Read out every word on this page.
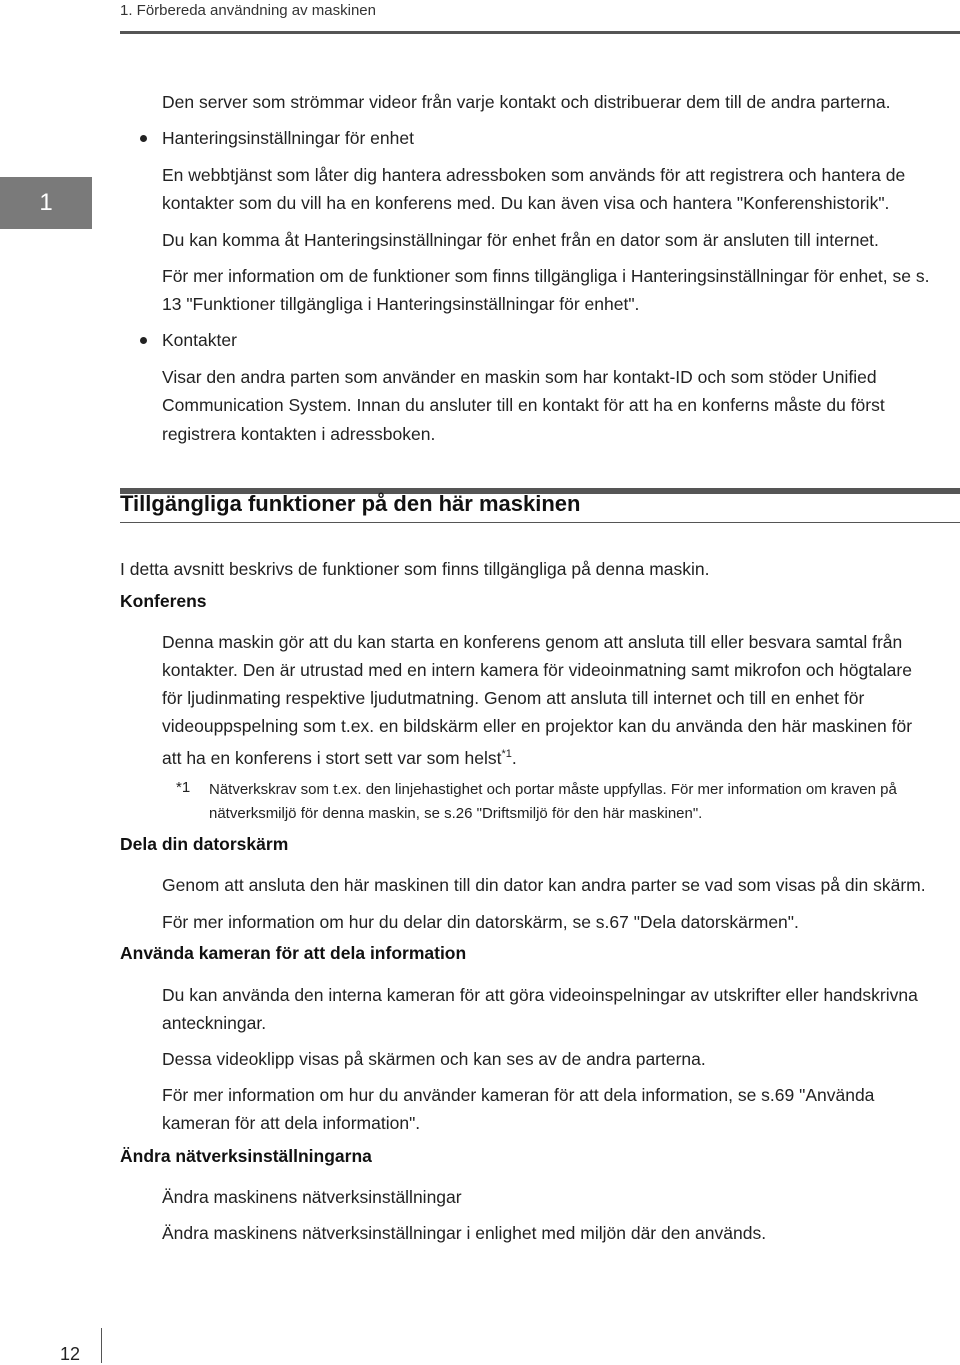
1. Förbereda användning av maskinen
1
Den server som strömmar videor från varje kontakt och distribuerar dem till de andra parterna.
Hanteringsinställningar för enhet
En webbtjänst som låter dig hantera adressboken som används för att registrera och hantera de
kontakter som du vill ha en konferens med. Du kan även visa och hantera "Konferenshistorik".
Du kan komma åt Hanteringsinställningar för enhet från en dator som är ansluten till internet.
För mer information om de funktioner som finns tillgängliga i Hanteringsinställningar för enhet, se s.
13 "Funktioner tillgängliga i Hanteringsinställningar för enhet".
Kontakter
Visar den andra parten som använder en maskin som har kontakt-ID och som stöder Unified
Communication System. Innan du ansluter till en kontakt för att ha en konferns måste du först
registrera kontakten i adressboken.
Tillgängliga funktioner på den här maskinen
I detta avsnitt beskrivs de funktioner som finns tillgängliga på denna maskin.
Konferens
Denna maskin gör att du kan starta en konferens genom att ansluta till eller besvara samtal från
kontakter. Den är utrustad med en intern kamera för videoinmatning samt mikrofon och högtalare
för ljudinmating respektive ljudutmatning. Genom att ansluta till internet och till en enhet för
videouppspelning som t.ex. en bildskärm eller en projektor kan du använda den här maskinen för
att ha en konferens i stort sett var som helst$^{*1}$.
*1 Nätverkskrav som t.ex. den linjehastighet och portar måste uppfyllas. För mer information om kraven på
nätverksmiljö för denna maskin, se s.26 "Driftsmiljö för den här maskinen".
Dela din datorskärm
Genom att ansluta den här maskinen till din dator kan andra parter se vad som visas på din skärm.
För mer information om hur du delar din datorskärm, se s.67 "Dela datorskärmen".
Använda kameran för att dela information
Du kan använda den interna kameran för att göra videoinspelningar av utskrifter eller handskrivna
anteckningar.
Dessa videoklipp visas på skärmen och kan ses av de andra parterna.
För mer information om hur du använder kameran för att dela information, se s.69 "Använda
kameran för att dela information".
Ändra nätverksinställningarna
Ändra maskinens nätverksinställningar
Ändra maskinens nätverksinställningar i enlighet med miljön där den används.
12
